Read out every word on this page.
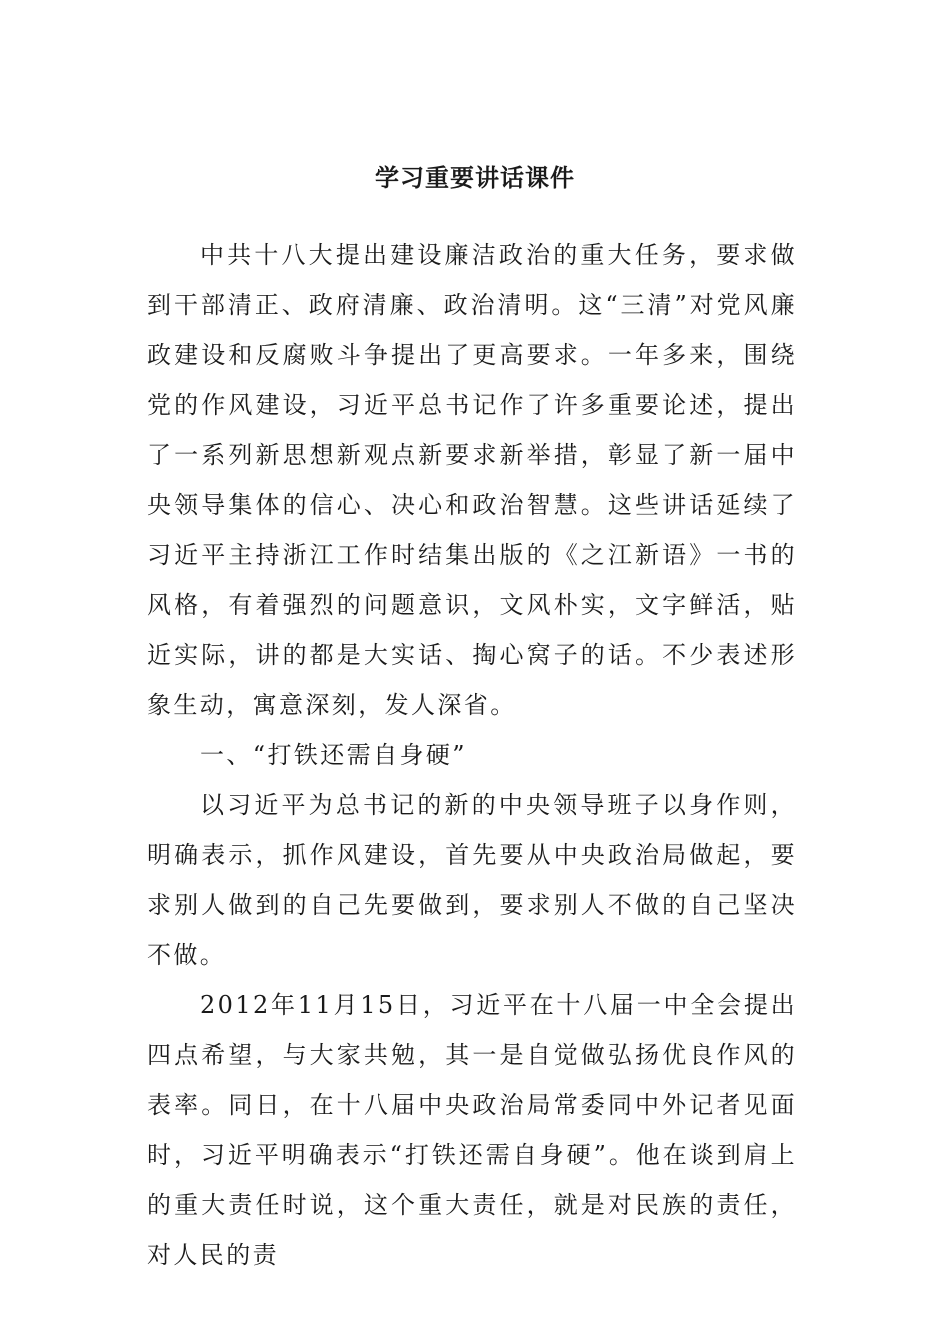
学习重要讲话课件

中共十八大提出建设廉洁政治的重大任务，要求做到干部清正、政府清廉、政治清明。这“三清”对党风廉政建设和反腐败斗争提出了更高要求。一年多来，围绕党的作风建设，习近平总书记作了许多重要论述，提出了一系列新思想新观点新要求新举措，彰显了新一届中央领导集体的信心、决心和政治智慧。这些讲话延续了习近平主持浙江工作时结集出版的《之江新语》一书的风格，有着强烈的问题意识，文风朴实，文字鲜活，贴近实际，讲的都是大实话、掏心窝子的话。不少表述形象生动，寓意深刻，发人深省。

一、“打铁还需自身硬”

以习近平为总书记的新的中央领导班子以身作则，明确表示，抓作风建设，首先要从中央政治局做起，要求别人做到的自己先要做到，要求别人不做的自己坚决不做。

2012年11月15日，习近平在十八届一中全会提出四点希望，与大家共勉，其一是自觉做弘扬优良作风的表率。同日，在十八届中央政治局常委同中外记者见面时，习近平明确表示“打铁还需自身硬”。他在谈到肩上的重大责任时说，这个重大责任，就是对民族的责任，对人民的责
